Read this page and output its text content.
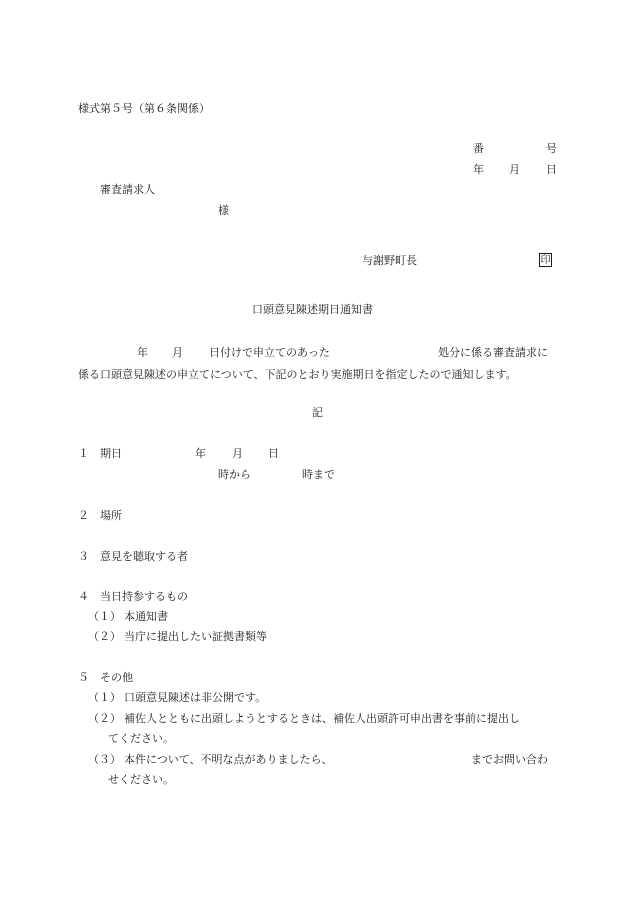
様式第５号（第６条関係）
番	号
年 月 日
審査請求人
様
与謝野町長	印
口頭意見陳述期日通知書
年 月 日付けで申立てのあった	処分に係る審査請求に
係る口頭意見陳述の申立てについて、下記のとおり実施期日を指定したので通知します。
記
１ 期日	年 月 日
時から	時まで
２ 場所
３ 意見を聴取する者
４ 当日持参するもの
（１） 本通知書
（２） 当庁に提出したい証拠書類等
５ その他
（１） 口頭意見陳述は非公開です。
（２） 補佐人とともに出頭しようとするときは、補佐人出頭許可申出書を事前に提出し
てください。
（３） 本件について、不明な点がありましたら、	までお問い合わ
せください。
